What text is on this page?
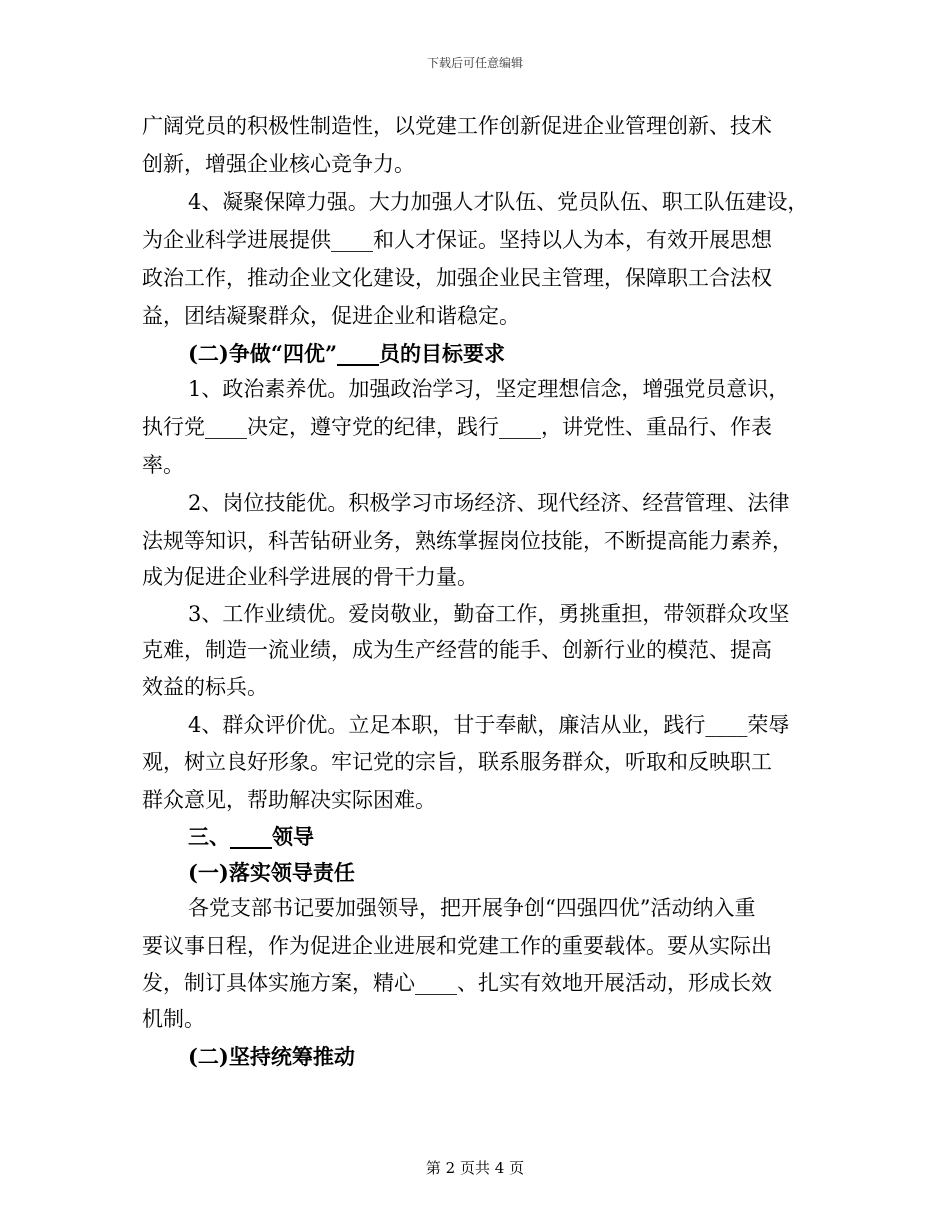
下载后可任意编辑
广阔党员的积极性制造性，以党建工作创新促进企业管理创新、技术
创新，增强企业核心竞争力。
4、凝聚保障力强。大力加强人才队伍、党员队伍、职工队伍建设，
为企业科学进展提供____和人才保证。坚持以人为本，有效开展思想
政治工作，推动企业文化建设，加强企业民主管理，保障职工合法权
益，团结凝聚群众，促进企业和谐稳定。
(二)争做“四优”____员的目标要求
1、政治素养优。加强政治学习，坚定理想信念，增强党员意识，
执行党____决定，遵守党的纪律，践行____，讲党性、重品行、作表
率。
2、岗位技能优。积极学习市场经济、现代经济、经营管理、法律
法规等知识，科苦钻研业务，熟练掌握岗位技能，不断提高能力素养，
成为促进企业科学进展的骨干力量。
3、工作业绩优。爱岗敬业，勤奋工作，勇挑重担，带领群众攻坚
克难，制造一流业绩，成为生产经营的能手、创新行业的模范、提高
效益的标兵。
4、群众评价优。立足本职，甘于奉献，廉洁从业，践行____荣辱
观，树立良好形象。牢记党的宗旨，联系服务群众，听取和反映职工
群众意见，帮助解决实际困难。
三、____领导
(一)落实领导责任
各党支部书记要加强领导，把开展争创“四强四优”活动纳入重
要议事日程，作为促进企业进展和党建工作的重要载体。要从实际出
发，制订具体实施方案，精心____、扎实有效地开展活动，形成长效
机制。
(二)坚持统筹推动
第 2 页共 4 页
